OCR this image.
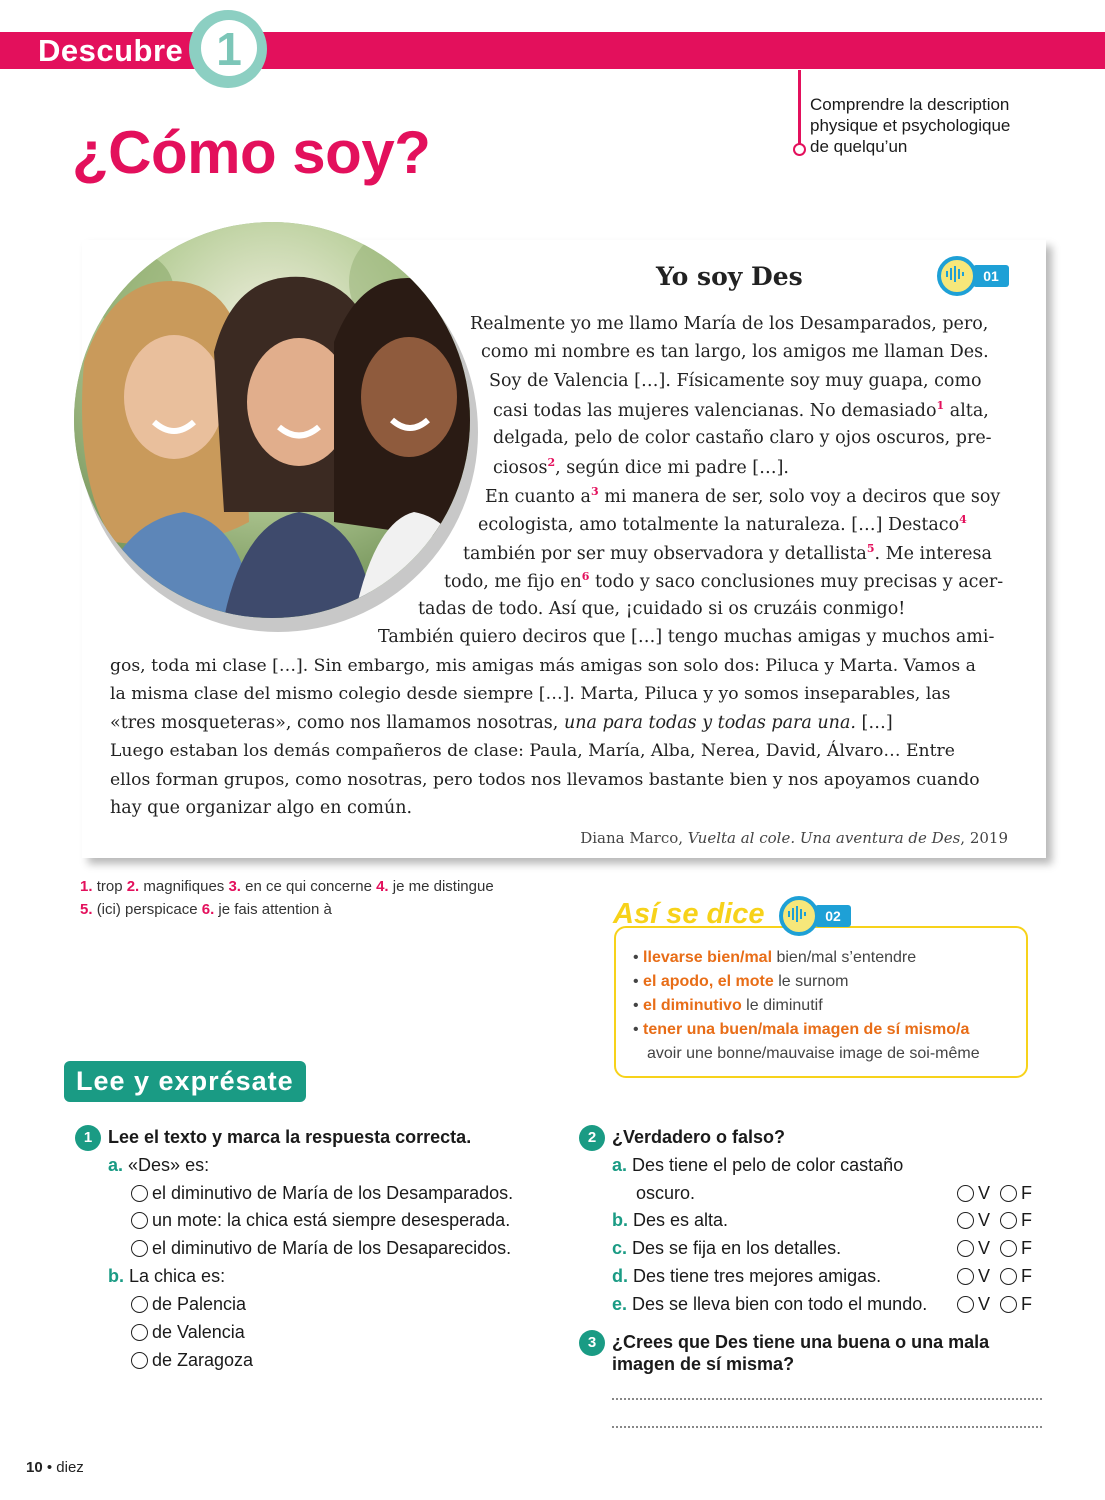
Descubre 1
Comprendre la description
physique et psychologique
de quelqu’un
¿Cómo soy?
Yo soy Des	01
Realmente yo me llamo María de los Desamparados, pero,
como mi nombre es tan largo, los amigos me llaman Des.
Soy de Valencia […]. Físicamente soy muy guapa, como
casi todas las mujeres valencianas. No demasiado$^1$ alta,
delgada, pelo de color castaño claro y ojos oscuros, pre-
ciosos$^2$, según dice mi padre […].
En cuanto a$^3$ mi manera de ser, solo voy a deciros que soy
ecologista, amo totalmente la naturaleza. […] Destaco$^4$
también por ser muy observadora y detallista$^5$. Me interesa
todo, me fijo en$^6$ todo y saco conclusiones muy precisas y acer-
tadas de todo. Así que, ¡cuidado si os cruzáis conmigo!
También quiero deciros que […] tengo muchas amigas y muchos ami-
gos, toda mi clase […]. Sin embargo, mis amigas más amigas son solo dos: Piluca y Marta. Vamos a
la misma clase del mismo colegio desde siempre […]. Marta, Piluca y yo somos inseparables, las
«tres mosqueteras», como nos llamamos nosotras, una para todas y todas para una. […]
Luego estaban los demás compañeros de clase: Paula, María, Alba, Nerea, David, Álvaro… Entre
ellos forman grupos, como nosotras, pero todos nos llevamos bastante bien y nos apoyamos cuando
hay que organizar algo en común.
Diana Marco, Vuelta al cole. Una aventura de Des, 2019
1. trop 2. magnifiques 3. en ce qui concerne 4. je me distingue
5. (ici) perspicace 6. je fais attention à	Así se dice	02
• llevarse bien/mal bien/mal s’entendre
• el apodo, el mote le surnom
• el diminutivo le diminutif
• tener una buen/mala imagen de sí mismo/a
avoir une bonne/mauvaise image de soi-même
Lee y exprésate
1 Lee el texto y marca la respuesta correcta.
a. «Des» es:
el diminutivo de María de los Desamparados.
un mote: la chica está siempre desesperada.
el diminutivo de María de los Desaparecidos.
b. La chica es:
de Palencia
de Valencia
de Zaragoza
2 ¿Verdadero o falso?
a. Des tiene el pelo de color castaño
oscuro.	V F
b. Des es alta.	V F
c. Des se fija en los detalles.	V F
d. Des tiene tres mejores amigas.	V F
e. Des se lleva bien con todo el mundo.	V F
3 ¿Crees que Des tiene una buena o una mala
imagen de sí misma?
10 • diez
